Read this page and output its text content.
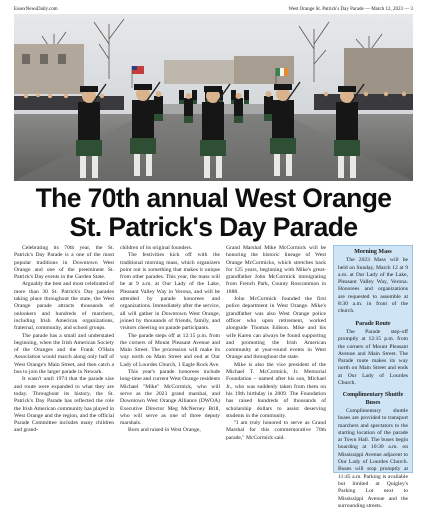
EssexNewsDaily.com	West Orange St. Patrick's Day Parade — March 12, 2023 — 3
The 70th annual West Orange
St. Patrick's Day Parade

Celebrating its 70th year, the St. Patrick's Day Parade is a one of the most popular traditions in Downtown West Orange and one of the preeminent St. Patrick's Day events in the Garden State.

Arguably the best and most celebrated of more than 30 St. Patrick's Day parades taking place throughout the state, the West Orange parade attracts thousands of onlookers and hundreds of marchers, including Irish American organizations, fraternal, community, and school groups.

The parade has a small and understated beginning, when the Irish American Society of the Oranges and the Frank O'Hara Association would march along only half of West Orange's Main Street, and then catch a bus to join the larger parade in Newark.

It wasn't until 1974 that the parade size and route were expanded to what they are today. Throughout its history, the St. Patrick's Day Parade has reflected the role the Irish American community has played in West Orange and the region, and the official Parade Committee includes many children and grand-

children of its original founders.

The festivities kick off with the traditional morning mass, which organizers point out is something that makes it unique from other parades. This year, the mass will be at 9 a.m. at Our Lady of the Lake, Pleasant Valley Way in Verona, and will be attended by parade honorees and organizations. Immediately after the service, all will gather in Downtown West Orange, joined by thousands of friends, family, and visitors cheering on parade participants.

The parade steps off at 12:15 p.m. from the corners of Mount Pleasant Avenue and Main Street. The procession will make its way north on Main Street and end at Our Lady of Lourdes Church, 1 Eagle Rock Ave.

This year's parade honorees include long-time and current West Orange residents Michael "Mike" McCormick, who will serve as the 2023 grand marshal, and Downtown West Orange Alliance (DWOA) Executive Director Meg McNerney Brill, who will serve as one of three deputy marshals.

Born and raised in West Orange,

Grand Marshal Mike McCormick will be honoring the historic lineage of West Orange McCormicks, which stretches back for 125 years, beginning with Mike's great-grandfather John McCormick immigrating from French Park, County Roscommon in 1888.

John McCormick founded the first police department in West Orange. Mike's grandfather was also West Orange police officer who upon retirement, worked alongside Thomas Edison. Mike and his wife Karen can always be found supporting and promoting the Irish American community at year-round events in West Orange and throughout the state.

Mike is also the vice president of the Michael T. McCormick, Jr. Memorial Foundation – named after his son, Michael Jr., who was suddenly taken from them on his 19th birthday in 2009. The Foundation has raised hundreds of thousands of scholarship dollars to assist deserving students in the community.

"I am truly honored to serve as Grand Marshal for this commemorative 70th parade," McCormick said.

Morning Mass

The 2023 Mass will be held on Sunday, March 12 at 9 a.m. at Our Lady of the Lake, Pleasant Valley Way, Verona. Honorees and organizations are requested to assemble at 8:30 a.m. in front of the church.

Parade Route

The Parade step-off promptly at 12:15 p.m. from the corners of Mount Pleasant Avenue and Main Street. The Parade route makes its way north on Main Street and ends at Our Lady of Lourdes Church.

Complimentary Shuttle Buses

Complimentary shuttle buses are provided to transport marchers and spectators to the starting location of the parade at Town Hall. The buses begin boarding at 10:30 a.m. on Mississippi Avenue adjacent to Our Lady of Lourdes Church. Buses will stop promptly at 11:45 a.m. Parking is available but limited at Quigley's Parking Lot next to Mississippi Avenue and the surrounding streets.
